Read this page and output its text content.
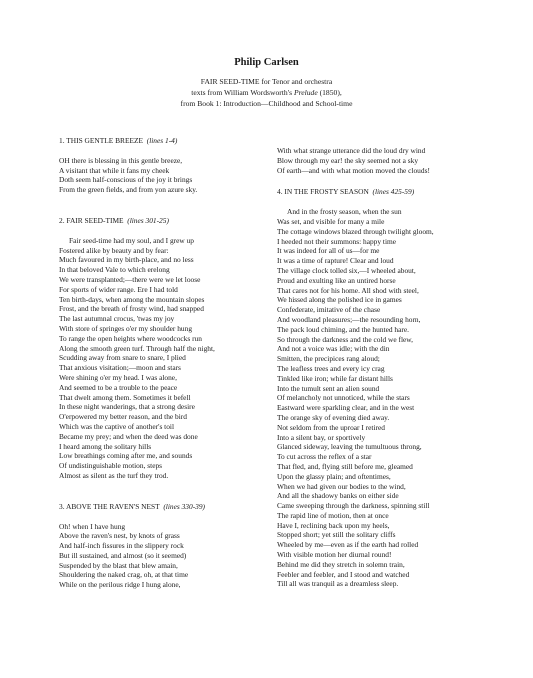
Philip Carlsen

FAIR SEED-TIME for Tenor and orchestra

texts from William Wordsworth's Prelude (1850),

from Book 1: Introduction—Childhood and School-time

1. THIS GENTLE BREEZE (lines 1-4)
OH there is blessing in this gentle breeze,
A visitant that while it fans my cheek
Doth seem half-conscious of the joy it brings
From the green fields, and from yon azure sky.
2. FAIR SEED-TIME (lines 301-25)
Fair seed-time had my soul, and I grew up
Fostered alike by beauty and by fear:
Much favoured in my birth-place, and no less
In that beloved Vale to which erelong
We were transplanted;—there were we let loose
For sports of wider range. Ere I had told
Ten birth-days, when among the mountain slopes
Frost, and the breath of frosty wind, had snapped
The last autumnal crocus, 'twas my joy
With store of springes o'er my shoulder hung
To range the open heights where woodcocks run
Along the smooth green turf. Through half the night,
Scudding away from snare to snare, I plied
That anxious visitation;—moon and stars
Were shining o'er my head. I was alone,
And seemed to be a trouble to the peace
That dwelt among them. Sometimes it befell
In these night wanderings, that a strong desire
O'erpowered my better reason, and the bird
Which was the captive of another's toil
Became my prey; and when the deed was done
I heard among the solitary hills
Low breathings coming after me, and sounds
Of undistinguishable motion, steps
Almost as silent as the turf they trod.
3. ABOVE THE RAVEN'S NEST (lines 330-39)
Oh! when I have hung
Above the raven's nest, by knots of grass
And half-inch fissures in the slippery rock
But ill sustained, and almost (so it seemed)
Suspended by the blast that blew amain,
Shouldering the naked crag, oh, at that time
While on the perilous ridge I hung alone,
With what strange utterance did the loud dry wind
Blow through my ear! the sky seemed not a sky
Of earth—and with what motion moved the clouds!
4. IN THE FROSTY SEASON (lines 425-59)
And in the frosty season, when the sun
Was set, and visible for many a mile
The cottage windows blazed through twilight gloom,
I heeded not their summons: happy time
It was indeed for all of us—for me
It was a time of rapture! Clear and loud
The village clock tolled six,—I wheeled about,
Proud and exulting like an untired horse
That cares not for his home. All shod with steel,
We hissed along the polished ice in games
Confederate, imitative of the chase
And woodland pleasures;—the resounding horn,
The pack loud chiming, and the hunted hare.
So through the darkness and the cold we flew,
And not a voice was idle; with the din
Smitten, the precipices rang aloud;
The leafless trees and every icy crag
Tinkled like iron; while far distant hills
Into the tumult sent an alien sound
Of melancholy not unnoticed, while the stars
Eastward were sparkling clear, and in the west
The orange sky of evening died away.
Not seldom from the uproar I retired
Into a silent bay, or sportively
Glanced sideway, leaving the tumultuous throng,
To cut across the reflex of a star
That fled, and, flying still before me, gleamed
Upon the glassy plain; and oftentimes,
When we had given our bodies to the wind,
And all the shadowy banks on either side
Came sweeping through the darkness, spinning still
The rapid line of motion, then at once
Have I, reclining back upon my heels,
Stopped short; yet still the solitary cliffs
Wheeled by me—even as if the earth had rolled
With visible motion her diurnal round!
Behind me did they stretch in solemn train,
Feebler and feebler, and I stood and watched
Till all was tranquil as a dreamless sleep.
